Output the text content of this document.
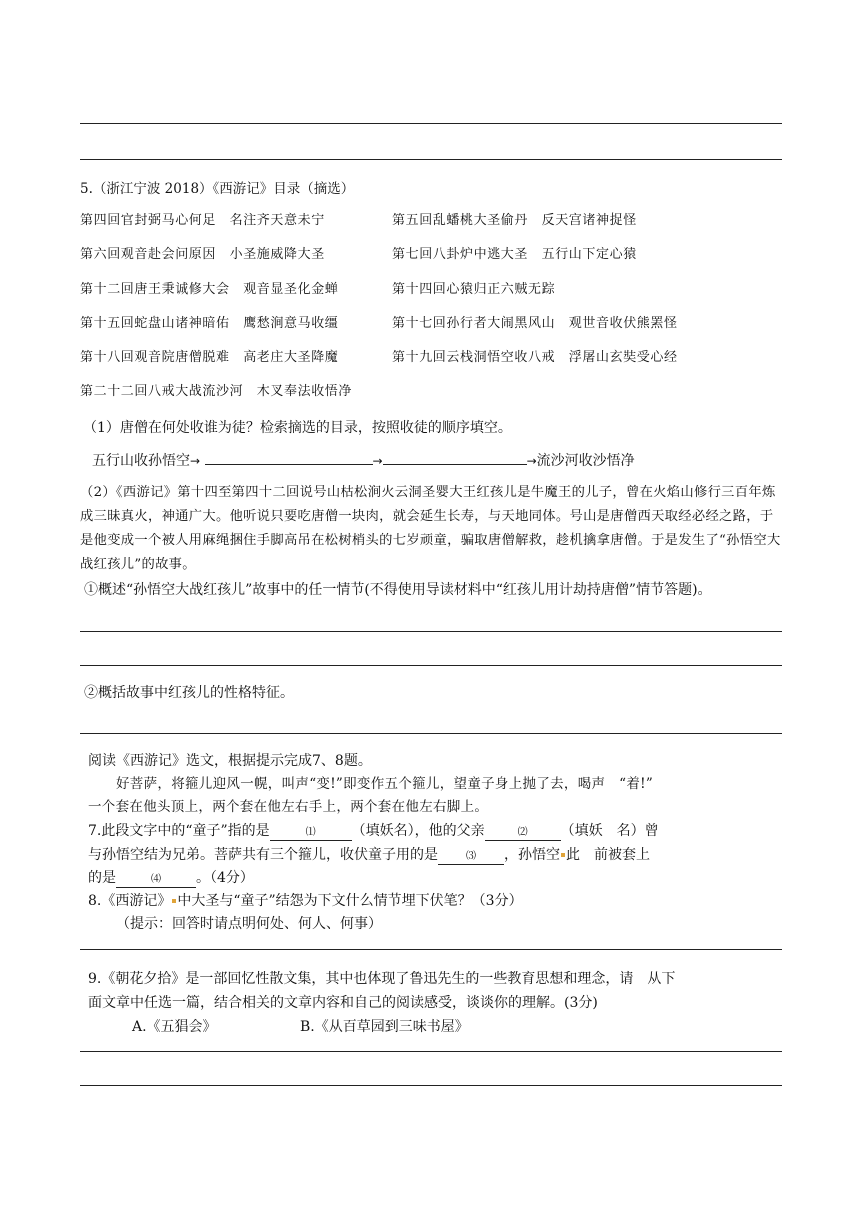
5.（浙江宁波 2018）《西游记》目录（摘选）
第四回官封弼马心何足　名注齐天意未宁	第五回乱蟠桃大圣偷丹　反天宫诸神捉怪
第六回观音赴会问原因　小圣施威降大圣	第七回八卦炉中逃大圣　五行山下定心猿
第十二回唐王秉诚修大会　观音显圣化金蝉	第十四回心猿归正六贼无踪
第十五回蛇盘山诸神暗佑　鹰愁涧意马收缰	第十七回孙行者大闹黑风山　观世音收伏熊罴怪
第十八回观音院唐僧脱难　高老庄大圣降魔	第十九回云栈洞悟空收八戒　浮屠山玄奘受心经
第二十二回八戒大战流沙河　木叉奉法收悟净
（1）唐僧在何处收谁为徒？检索摘选的目录，按照收徒的顺序填空。
五行山收孙悟空→	→	→流沙河收沙悟净
（2）《西游记》第十四至第四十二回说号山枯松涧火云洞圣婴大王红孩儿是牛魔王的儿子，曾在火焰山修行三百年炼成三昧真火，神通广大。他听说只要吃唐僧一块肉，就会延生长寿，与天地同体。号山是唐僧西天取经必经之路，于是他变成一个被人用麻绳捆住手脚高吊在松树梢头的七岁顽童，骗取唐僧解救，趁机擒拿唐僧。于是发生了“孙悟空大战红孩儿”的故事。
①概述“孙悟空大战红孩儿”故事中的任一情节(不得使用导读材料中“红孩儿用计劫持唐僧”情节答题)。
②概括故事中红孩儿的性格特征。
阅读《西游记》选文，根据提示完成7、8题。
好菩萨，将箍儿迎风一幌，叫声“变!”即变作五个箍儿，望童子身上抛了去，喝声　“着!”
一个套在他头顶上，两个套在他左右手上，两个套在他左右脚上。
7.此段文字中的“童子”指的是	⑴	（填妖名），他的父亲	⑵ （填妖　名）曾
与孙悟空结为兄弟。菩萨共有三个箍儿，收伏童子用的是	⑶ ，孙悟空 此　前被套上
的是	⑷	。（4分）
8.《西游记》 中大圣与“童子”结怨为下文什么情节埋下伏笔？（3分）
（提示：回答时请点明何处、何人、何事）
9.《朝花夕拾》是一部回忆性散文集，其中也体现了鲁迅先生的一些教育思想和理念，请　从下
面文章中任选一篇，结合相关的文章内容和自己的阅读感受，谈谈你的理解。(3分)
A.《五猖会》	B.《从百草园到三味书屋》
